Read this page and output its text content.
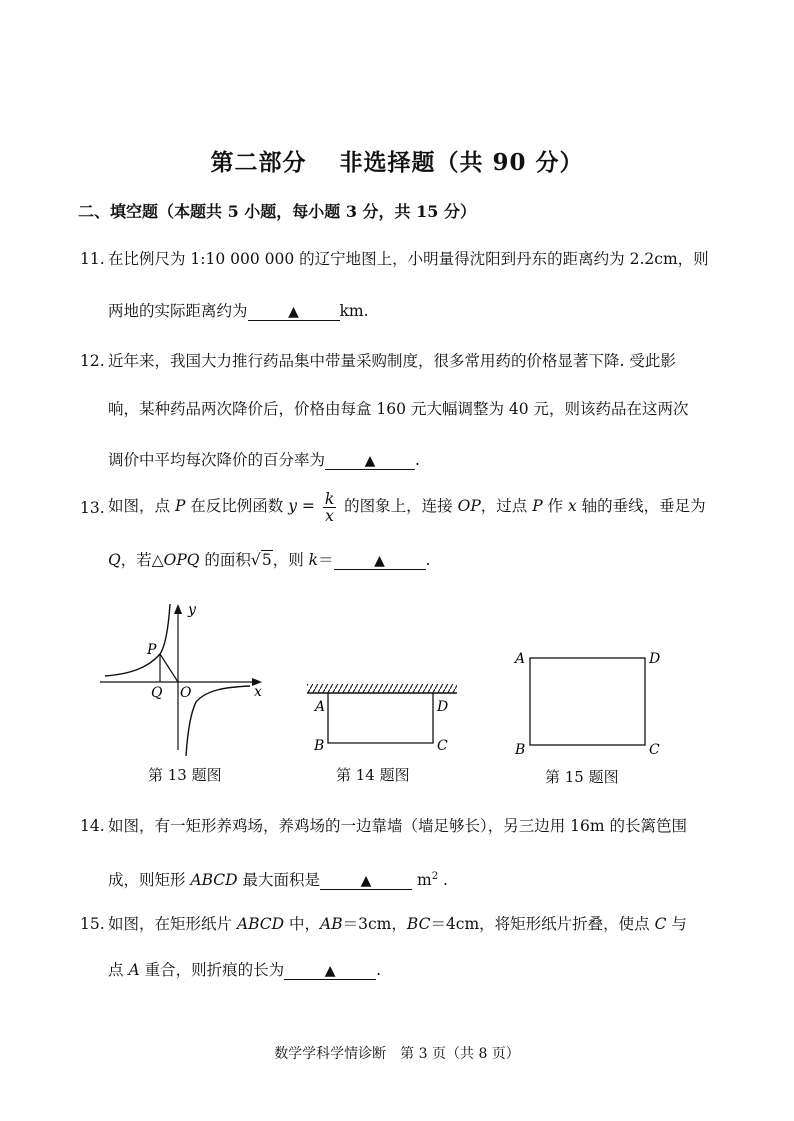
第二部分　 非选择题（共 90 分）
二、填空题（本题共 5 小题，每小题 3 分，共 15 分）
11. 在比例尺为 1:10 000 000 的辽宁地图上，小明量得沈阳到丹东的距离约为 2.2cm，则
两地的实际距离约为	▲	km.
12. 近年来，我国大力推行药品集中带量采购制度，很多常用药的价格显著下降. 受此影
响，某种药品两次降价后，价格由每盒 160 元大幅调整为 40 元，则该药品在这两次
调价中平均每次降价的百分率为	▲	.
13. 如图，点 P 在反比例函数 $y = \frac{k}{x}$ 的图象上，连接 OP，过点 P 作 x 轴的垂线，垂足为
Q，若△OPQ 的面积√5，则 k＝	▲	.
y
x
P
Q O
A	D
B	C
A	D
B	C
第 13 题图	第 14 题图	第 15 题图
14. 如图，有一矩形养鸡场，养鸡场的一边靠墙（墙足够长），另三边用 16m 的长篱笆围
成，则矩形 ABCD 最大面积是	▲	$m^2$ .
15. 如图，在矩形纸片 ABCD 中，AB＝3cm，BC＝4cm，将矩形纸片折叠，使点 C 与
点 A 重合，则折痕的长为	▲	.
数学学科学情诊断　第 3 页（共 8 页）
